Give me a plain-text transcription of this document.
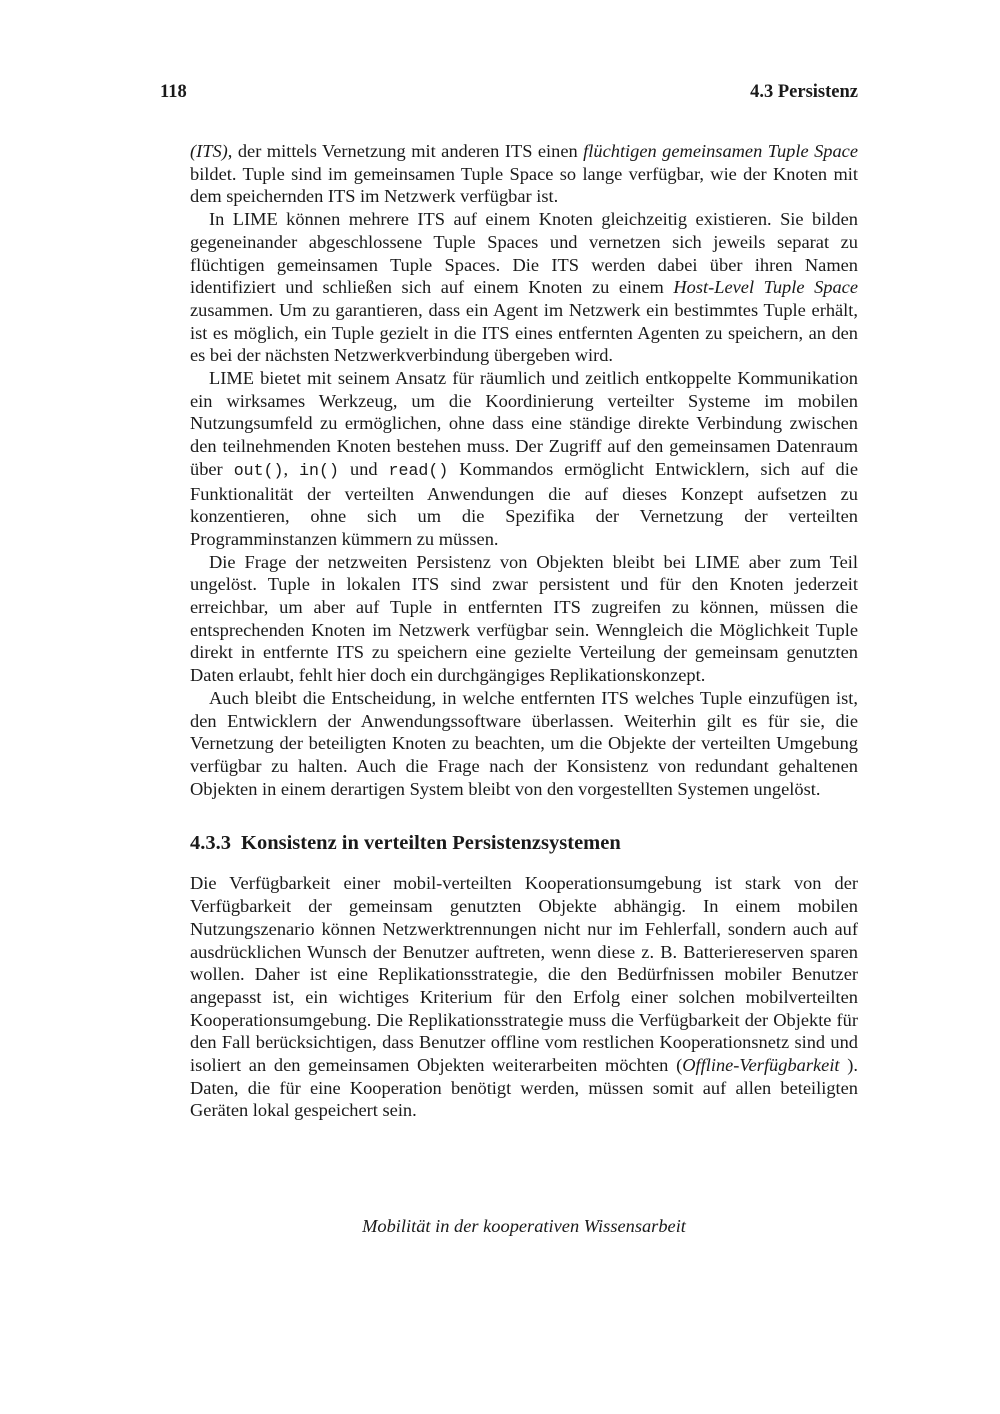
118	4.3 Persistenz

(ITS), der mittels Vernetzung mit anderen ITS einen flüchtigen gemeinsamen Tuple Space bildet. Tuple sind im gemeinsamen Tuple Space so lange verfügbar, wie der Knoten mit dem speichernden ITS im Netzwerk verfügbar ist.

In LIME können mehrere ITS auf einem Knoten gleichzeitig existieren. Sie bilden gegeneinander abgeschlossene Tuple Spaces und vernetzen sich jeweils separat zu flüchtigen gemeinsamen Tuple Spaces. Die ITS werden dabei über ihren Namen identifiziert und schließen sich auf einem Knoten zu einem Host-Level Tuple Space zusammen. Um zu garantieren, dass ein Agent im Netzwerk ein bestimmtes Tuple erhält, ist es möglich, ein Tuple gezielt in die ITS eines entfernten Agenten zu speichern, an den es bei der nächsten Netzwerkverbindung übergeben wird.

LIME bietet mit seinem Ansatz für räumlich und zeitlich entkoppelte Kommunikation ein wirksames Werkzeug, um die Koordinierung verteilter Systeme im mobilen Nutzungsumfeld zu ermöglichen, ohne dass eine ständige direkte Verbindung zwischen den teilnehmenden Knoten bestehen muss. Der Zugriff auf den gemeinsamen Datenraum über out(), in() und read() Kommandos ermöglicht Entwicklern, sich auf die Funktionalität der verteilten Anwendungen die auf dieses Konzept aufsetzen zu konzentieren, ohne sich um die Spezifika der Vernetzung der verteilten Programminstanzen kümmern zu müssen.

Die Frage der netzweiten Persistenz von Objekten bleibt bei LIME aber zum Teil ungelöst. Tuple in lokalen ITS sind zwar persistent und für den Knoten jederzeit erreichbar, um aber auf Tuple in entfernten ITS zugreifen zu können, müssen die entsprechenden Knoten im Netzwerk verfügbar sein. Wenngleich die Möglichkeit Tuple direkt in entfernte ITS zu speichern eine gezielte Verteilung der gemeinsam genutzten Daten erlaubt, fehlt hier doch ein durchgängiges Replikationskonzept.

Auch bleibt die Entscheidung, in welche entfernten ITS welches Tuple einzufügen ist, den Entwicklern der Anwendungssoftware überlassen. Weiterhin gilt es für sie, die Vernetzung der beteiligten Knoten zu beachten, um die Objekte der verteilten Umgebung verfügbar zu halten. Auch die Frage nach der Konsistenz von redundant gehaltenen Objekten in einem derartigen System bleibt von den vorgestellten Systemen ungelöst.

4.3.3 Konsistenz in verteilten Persistenzsystemen

Die Verfügbarkeit einer mobil-verteilten Kooperationsumgebung ist stark von der Verfügbarkeit der gemeinsam genutzten Objekte abhängig. In einem mobilen Nutzungszenario können Netzwerktrennungen nicht nur im Fehlerfall, sondern auch auf ausdrücklichen Wunsch der Benutzer auftreten, wenn diese z. B. Batteriereserven sparen wollen. Daher ist eine Replikationsstrategie, die den Bedürfnissen mobiler Benutzer angepasst ist, ein wichtiges Kriterium für den Erfolg einer solchen mobilverteilten Kooperationsumgebung. Die Replikationsstrategie muss die Verfügbarkeit der Objekte für den Fall berücksichtigen, dass Benutzer offline vom restlichen Kooperationsnetz sind und isoliert an den gemeinsamen Objekten weiterarbeiten möchten (Offline-Verfügbarkeit ). Daten, die für eine Kooperation benötigt werden, müssen somit auf allen beteiligten Geräten lokal gespeichert sein.

Mobilität in der kooperativen Wissensarbeit
